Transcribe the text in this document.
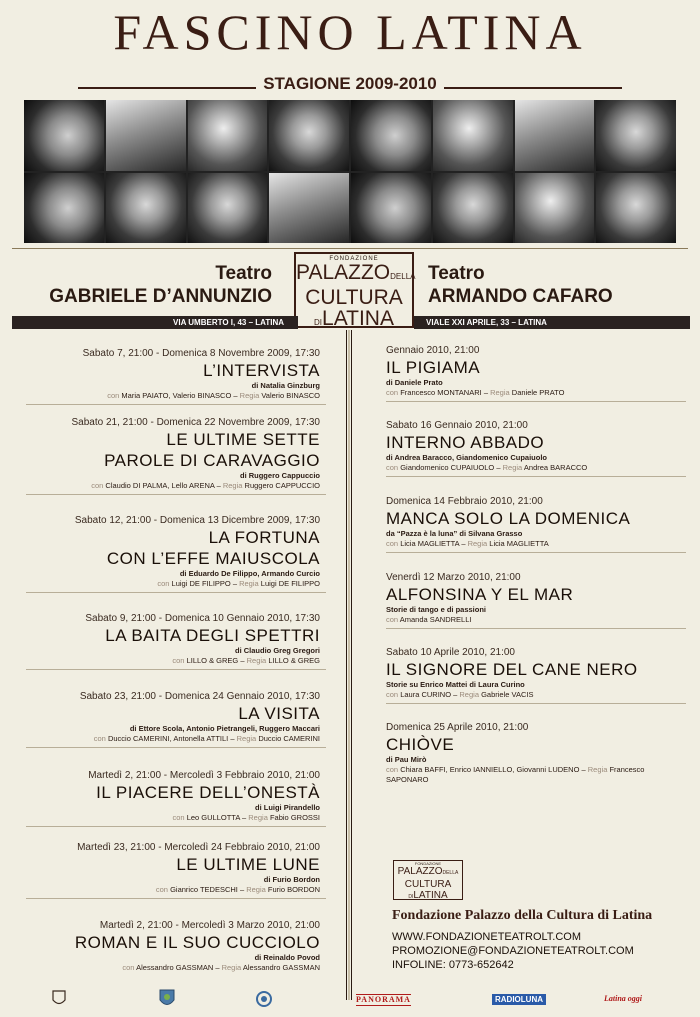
FASCINO LATINA
STAGIONE 2009-2010
Teatro
GABRIELE D’ANNUNZIO
Teatro
ARMANDO CAFARO
FONDAZIONE
PALAZZODELLA
CULTURA
DILATINA
VIA UMBERTO I, 43 – LATINA	VIALE XXI APRILE, 33 – LATINA
Sabato 7, 21:00 - Domenica 8 Novembre 2009, 17:30
L’INTERVISTA
di Natalia Ginzburg
con Maria PAIATO, Valerio BINASCO – Regia Valerio BINASCO
Sabato 21, 21:00 - Domenica 22 Novembre 2009, 17:30
LE ULTIME SETTE
PAROLE DI CARAVAGGIO
di Ruggero Cappuccio
con Claudio DI PALMA, Lello ARENA – Regia Ruggero CAPPUCCIO
Sabato 12, 21:00 - Domenica 13 Dicembre 2009, 17:30
LA FORTUNA
CON L’EFFE MAIUSCOLA
di Eduardo De Filippo, Armando Curcio
con Luigi DE FILIPPO – Regia Luigi DE FILIPPO
Sabato 9, 21:00 - Domenica 10 Gennaio 2010, 17:30
LA BAITA DEGLI SPETTRI
di Claudio Greg Gregori
con LILLO & GREG – Regia LILLO & GREG
Sabato 23, 21:00 - Domenica 24 Gennaio 2010, 17:30
LA VISITA
di Ettore Scola, Antonio Pietrangeli, Ruggero Maccari
con Duccio CAMERINI, Antonella ATTILI – Regia Duccio CAMERINI
Martedì 2, 21:00 - Mercoledì 3 Febbraio 2010, 21:00
IL PIACERE DELL’ONESTÀ
di Luigi Pirandello
con Leo GULLOTTA – Regia Fabio GROSSI
Martedì 23, 21:00 - Mercoledì 24 Febbraio 2010, 21:00
LE ULTIME LUNE
di Furio Bordon
con Gianrico TEDESCHI – Regia Furio BORDON
Martedì 2, 21:00 - Mercoledì 3 Marzo 2010, 21:00
ROMAN E IL SUO CUCCIOLO
di Reinaldo Povod
con Alessandro GASSMAN – Regia Alessandro GASSMAN
Gennaio 2010, 21:00
IL PIGIAMA
di Daniele Prato
con Francesco MONTANARI – Regia Daniele PRATO
Sabato 16 Gennaio 2010, 21:00
INTERNO ABBADO
di Andrea Baracco, Giandomenico Cupaiuolo
con Giandomenico CUPAIUOLO – Regia Andrea BARACCO
Domenica 14 Febbraio 2010, 21:00
MANCA SOLO LA DOMENICA
da “Pazza è la luna” di Silvana Grasso
con Licia MAGLIETTA – Regia Licia MAGLIETTA
Venerdì 12 Marzo 2010, 21:00
ALFONSINA Y EL MAR
Storie di tango e di passioni
con Amanda SANDRELLI
Sabato 10 Aprile 2010, 21:00
IL SIGNORE DEL CANE NERO
Storie su Enrico Mattei di Laura Curino
con Laura CURINO – Regia Gabriele VACIS
Domenica 25 Aprile 2010, 21:00
CHIÒVE
di Pau Mirò
con Chiara BAFFI, Enrico IANNIELLO, Giovanni LUDENO – Regia Francesco SAPONARO
FONDAZIONE
PALAZZODELLA
CULTURA
DILATINA
Fondazione Palazzo della Cultura di Latina
WWW.FONDAZIONETEATROLT.COM
PROMOZIONE@FONDAZIONETEATROLT.COM
INFOLINE: 0773-652642
PANORAMA	RADIOLUNA	Latina oggi
